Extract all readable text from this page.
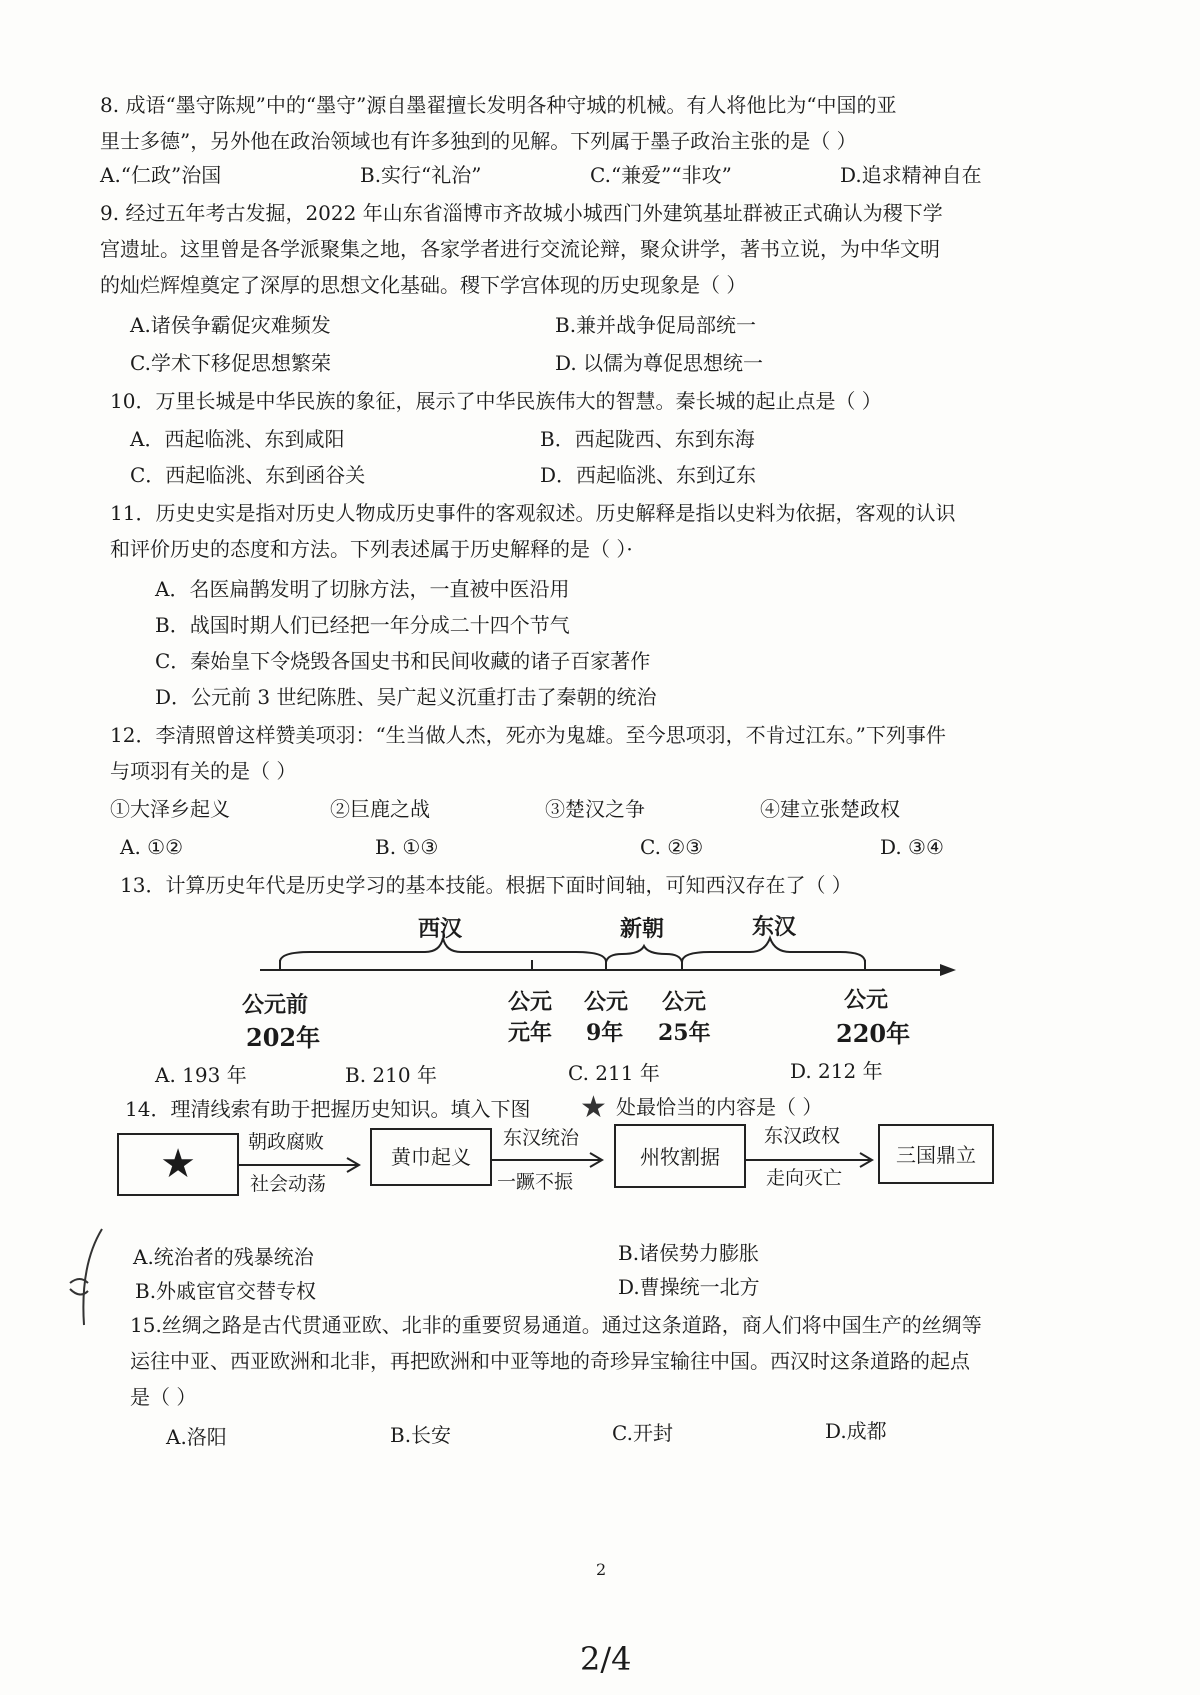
8. 成语“墨守陈规”中的“墨守”源自墨翟擅长发明各种守城的机械。有人将他比为“中国的亚
里士多德”，另外他在政治领域也有许多独到的见解。下列属于墨子政治主张的是（ ）
A.“仁政”治国	B.实行“礼治”	C.“兼爱”“非攻”	D.追求精神自在
9. 经过五年考古发掘，2022 年山东省淄博市齐故城小城西门外建筑基址群被正式确认为稷下学
宫遗址。这里曾是各学派聚集之地，各家学者进行交流论辩，聚众讲学，著书立说，为中华文明
的灿烂辉煌奠定了深厚的思想文化基础。稷下学宫体现的历史现象是（ ）
A.诸侯争霸促灾难频发	B.兼并战争促局部统一
C.学术下移促思想繁荣	D. 以儒为尊促思想统一
10．万里长城是中华民族的象征，展示了中华民族伟大的智慧。秦长城的起止点是（ ）
A．西起临洮、东到咸阳	B．西起陇西、东到东海
C．西起临洮、东到函谷关	D．西起临洮、东到辽东
11．历史史实是指对历史人物成历史事件的客观叙述。历史解释是指以史料为依据，客观的认识
和评价历史的态度和方法。下列表述属于历史解释的是（ ）·
A．名医扁鹊发明了切脉方法，一直被中医沿用
B．战国时期人们已经把一年分成二十四个节气
C．秦始皇下令烧毁各国史书和民间收藏的诸子百家著作
D．公元前 3 世纪陈胜、吴广起义沉重打击了秦朝的统治
12．李清照曾这样赞美项羽：“生当做人杰，死亦为鬼雄。至今思项羽，不肯过江东。”下列事件
与项羽有关的是（ ）
①大泽乡起义	②巨鹿之战	③楚汉之争	④建立张楚政权
A. ①②	B. ①③	C. ②③	D. ③④
13．计算历史年代是历史学习的基本技能。根据下面时间轴，可知西汉存在了（ ）
西汉	新朝	东汉
公元前
202年
公元
元年
公元
9年
公元
25年
公元
220年
A. 193 年	B. 210 年	C. 211 年	D. 212 年
14．理清线索有助于把握历史知识。填入下图 ★ 处最恰当的内容是（ ）
★	朝政腐败
社会动荡
黄巾起义
东汉统治
一蹶不振
州牧割据
东汉政权
走向灭亡
三国鼎立
A.统治者的残暴统治	B.诸侯势力膨胀
B.外戚宦官交替专权	D.曹操统一北方
15.丝绸之路是古代贯通亚欧、北非的重要贸易通道。通过这条道路，商人们将中国生产的丝绸等
运往中亚、西亚欧洲和北非，再把欧洲和中亚等地的奇珍异宝输往中国。西汉时这条道路的起点
是（ ）
A.洛阳	B.长安	C.开封	D.成都
2
2/4
